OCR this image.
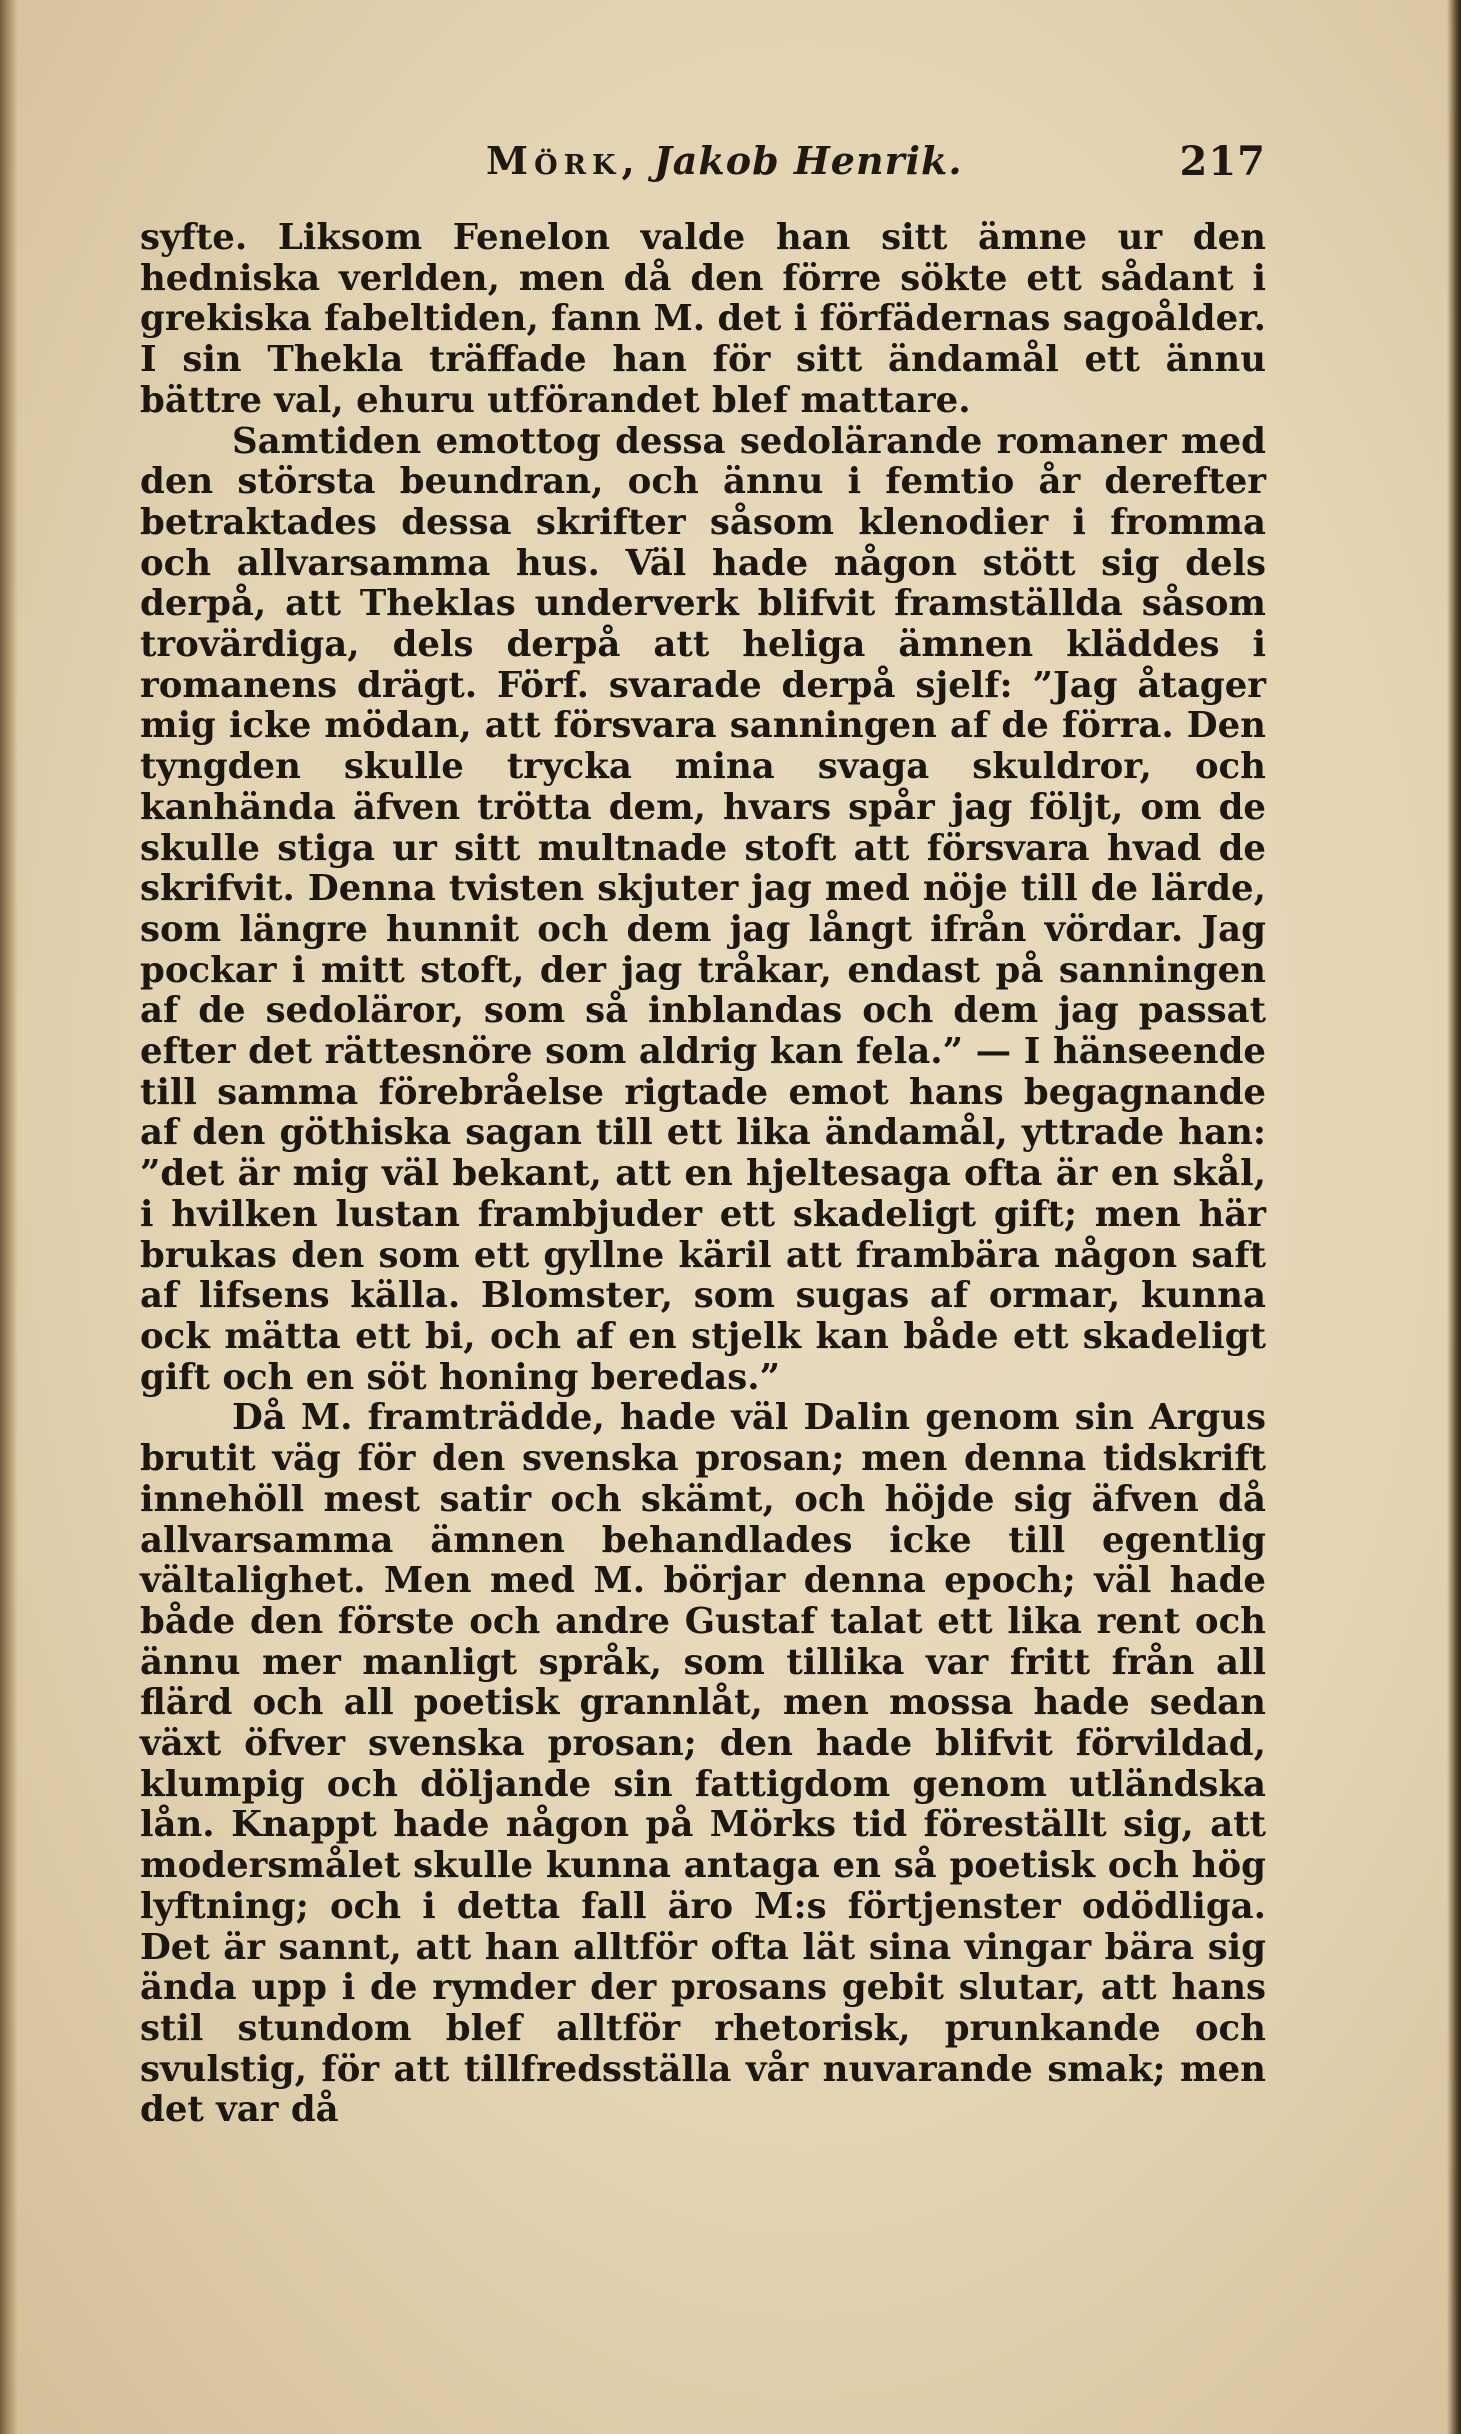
Mörk, Jakob Henrik.	217

syfte. Liksom Fenelon valde han sitt ämne ur den hedniska verlden, men då den förre sökte ett sådant i grekiska fabeltiden, fann M. det i förfädernas sagoålder. I sin Thekla träffade han för sitt ändamål ett ännu bättre val, ehuru utförandet blef mattare.

Samtiden emottog dessa sedolärande romaner med den största beundran, och ännu i femtio år derefter betraktades dessa skrifter såsom klenodier i fromma och allvarsamma hus. Väl hade någon stött sig dels derpå, att Theklas underverk blifvit framställda såsom trovärdiga, dels derpå att heliga ämnen kläddes i romanens drägt. Förf. svarade derpå sjelf: ”Jag åtager mig icke mödan, att försvara sanningen af de förra. Den tyngden skulle trycka mina svaga skuldror, och kanhända äfven trötta dem, hvars spår jag följt, om de skulle stiga ur sitt multnade stoft att försvara hvad de skrifvit. Denna tvisten skjuter jag med nöje till de lärde, som längre hunnit och dem jag långt ifrån vördar. Jag pockar i mitt stoft, der jag tråkar, endast på sanningen af de sedoläror, som så inblandas och dem jag passat efter det rättesnöre som aldrig kan fela.” — I hänseende till samma förebråelse rigtade emot hans begagnande af den göthiska sagan till ett lika ändamål, yttrade han: ”det är mig väl bekant, att en hjeltesaga ofta är en skål, i hvilken lustan frambjuder ett skadeligt gift; men här brukas den som ett gyllne käril att frambära någon saft af lifsens källa. Blomster, som sugas af ormar, kunna ock mätta ett bi, och af en stjelk kan både ett skadeligt gift och en söt honing beredas.”

Då M. framträdde, hade väl Dalin genom sin Argus brutit väg för den svenska prosan; men denna tidskrift innehöll mest satir och skämt, och höjde sig äfven då allvarsamma ämnen behandlades icke till egentlig vältalighet. Men med M. börjar denna epoch; väl hade både den förste och andre Gustaf talat ett lika rent och ännu mer manligt språk, som tillika var fritt från all flärd och all poetisk grannlåt, men mossa hade sedan växt öfver svenska prosan; den hade blifvit förvildad, klumpig och döljande sin fattigdom genom utländska lån. Knappt hade någon på Mörks tid föreställt sig, att modersmålet skulle kunna antaga en så poetisk och hög lyftning; och i detta fall äro M:s förtjenster odödliga. Det är sannt, att han alltför ofta lät sina vingar bära sig ända upp i de rymder der prosans gebit slutar, att hans stil stundom blef alltför rhetorisk, prunkande och svulstig, för att tillfredsställa vår nuvarande smak; men det var då
